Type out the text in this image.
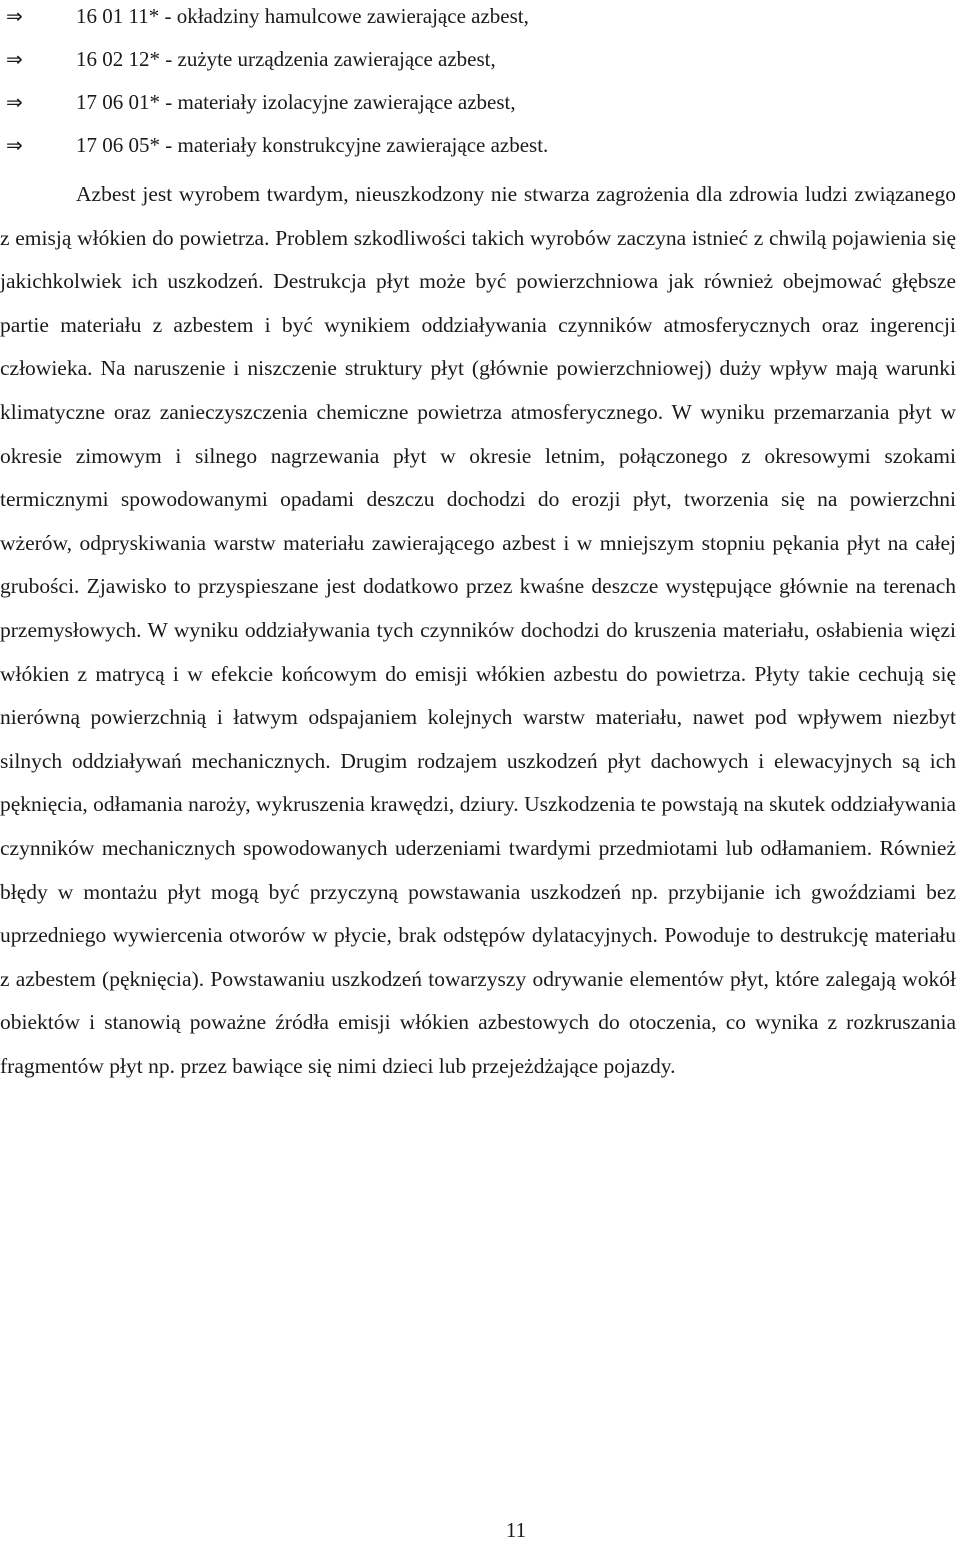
⇒	16 01 11* - okładziny hamulcowe zawierające azbest,
⇒	16 02 12* - zużyte urządzenia zawierające azbest,
⇒	17 06 01* - materiały izolacyjne zawierające azbest,
⇒	17 06 05* - materiały konstrukcyjne zawierające azbest.

Azbest jest wyrobem twardym, nieuszkodzony nie stwarza zagrożenia dla zdrowia ludzi związanego z emisją włókien do powietrza. Problem szkodliwości takich wyrobów zaczyna istnieć z chwilą pojawienia się jakichkolwiek ich uszkodzeń. Destrukcja płyt może być powierzchniowa jak również obejmować głębsze partie materiału z azbestem i być wynikiem oddziaływania czynników atmosferycznych oraz ingerencji człowieka. Na naruszenie i niszczenie struktury płyt (głównie powierzchniowej) duży wpływ mają warunki klimatyczne oraz zanieczyszczenia chemiczne powietrza atmosferycznego. W wyniku przemarzania płyt w okresie zimowym i silnego nagrzewania płyt w okresie letnim, połączonego z okresowymi szokami termicznymi spowodowanymi opadami deszczu dochodzi do erozji płyt, tworzenia się na powierzchni wżerów, odpryskiwania warstw materiału zawierającego azbest i w mniejszym stopniu pękania płyt na całej grubości. Zjawisko to przyspieszane jest dodatkowo przez kwaśne deszcze występujące głównie na terenach przemysłowych. W wyniku oddziaływania tych czynników dochodzi do kruszenia materiału, osłabienia więzi włókien z matrycą i w efekcie końcowym do emisji włókien azbestu do powietrza. Płyty takie cechują się nierówną powierzchnią i łatwym odspajaniem kolejnych warstw materiału, nawet pod wpływem niezbyt silnych oddziaływań mechanicznych. Drugim rodzajem uszkodzeń płyt dachowych i elewacyjnych są ich pęknięcia, odłamania naroży, wykruszenia krawędzi, dziury. Uszkodzenia te powstają na skutek oddziaływania czynników mechanicznych spowodowanych uderzeniami twardymi przedmiotami lub odłamaniem. Również błędy w montażu płyt mogą być przyczyną powstawania uszkodzeń np. przybijanie ich gwoździami bez uprzedniego wywiercenia otworów w płycie, brak odstępów dylatacyjnych. Powoduje to destrukcję materiału z azbestem (pęknięcia). Powstawaniu uszkodzeń towarzyszy odrywanie elementów płyt, które zalegają wokół obiektów i stanowią poważne źródła emisji włókien azbestowych do otoczenia, co wynika z rozkruszania fragmentów płyt np. przez bawiące się nimi dzieci lub przejeżdżające pojazdy.

11
